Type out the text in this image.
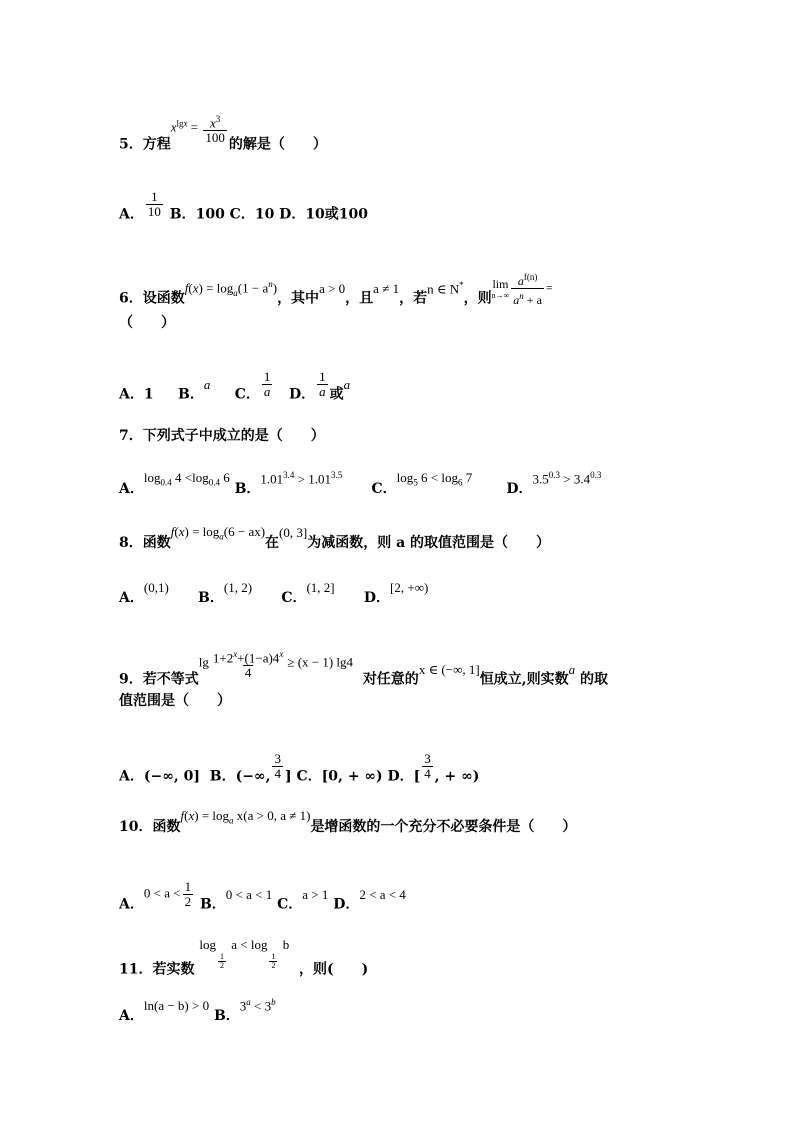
5．方程$x^{lgx} = \frac{x^3}{100}$ 的解是（　　）
A． $\frac{1}{10}$ B．100 C．10 D．10或100
6．设函数$f(x) = \log_a(1 - a^n)$，其中a > 0，且a ≠ 1，若n ∈ N*，则
lim
$n\to\infty \frac{a^{f(n)}}{a^n + a}$ =
（　　）
A．1 B．a     C． $\frac{1}{a}$ D． $\frac{1}{a}$ 或a
7．下列式子中成立的是（　　）
A．$\log_{0.4} 4 <\log_{0.4}$ 6 B．$1.01^{3.4} > 1.01^{3.5}$      C．$\log_5 6 < \log_6 7$       D．$3.5^{0.3} > 3.4^{0.3}$
8．函数$f(x) = \log_a(6 - ax)$在(0, 3]为减函数，则 a 的取值范围是（　　）
A．(0,1)      B．(1, 2)      C．(1, 2]      D．[2, +∞)
9．若不等式$\lg \frac{1+2^x+(1-a)4^x}{4} \ge (x - 1)$ lg4  对任意的x ∈ (−∞, 1]恒成立,则实数a 的取
值范围是（　　）
A．(−∞, 0] B．(−∞, $\frac{3}{4}$ ] C．[0, + ∞) D．[ $\frac{3}{4}$ , + ∞)
10．函数$f(x) = \log_a x(a > 0$, a ≠ 1)是增函数的一个充分不必要条件是（　　）
A．$0 < a < \frac{1}{2}$ B．0 < a < 1 C．a > 1 D．2 < a < 4
11．若实数 log
$\frac{1}{2}$
a < log
$\frac{1}{2}$
b  ，则(　　)
A．ln(a − b) > 0 B．$3^a < 3^b$
